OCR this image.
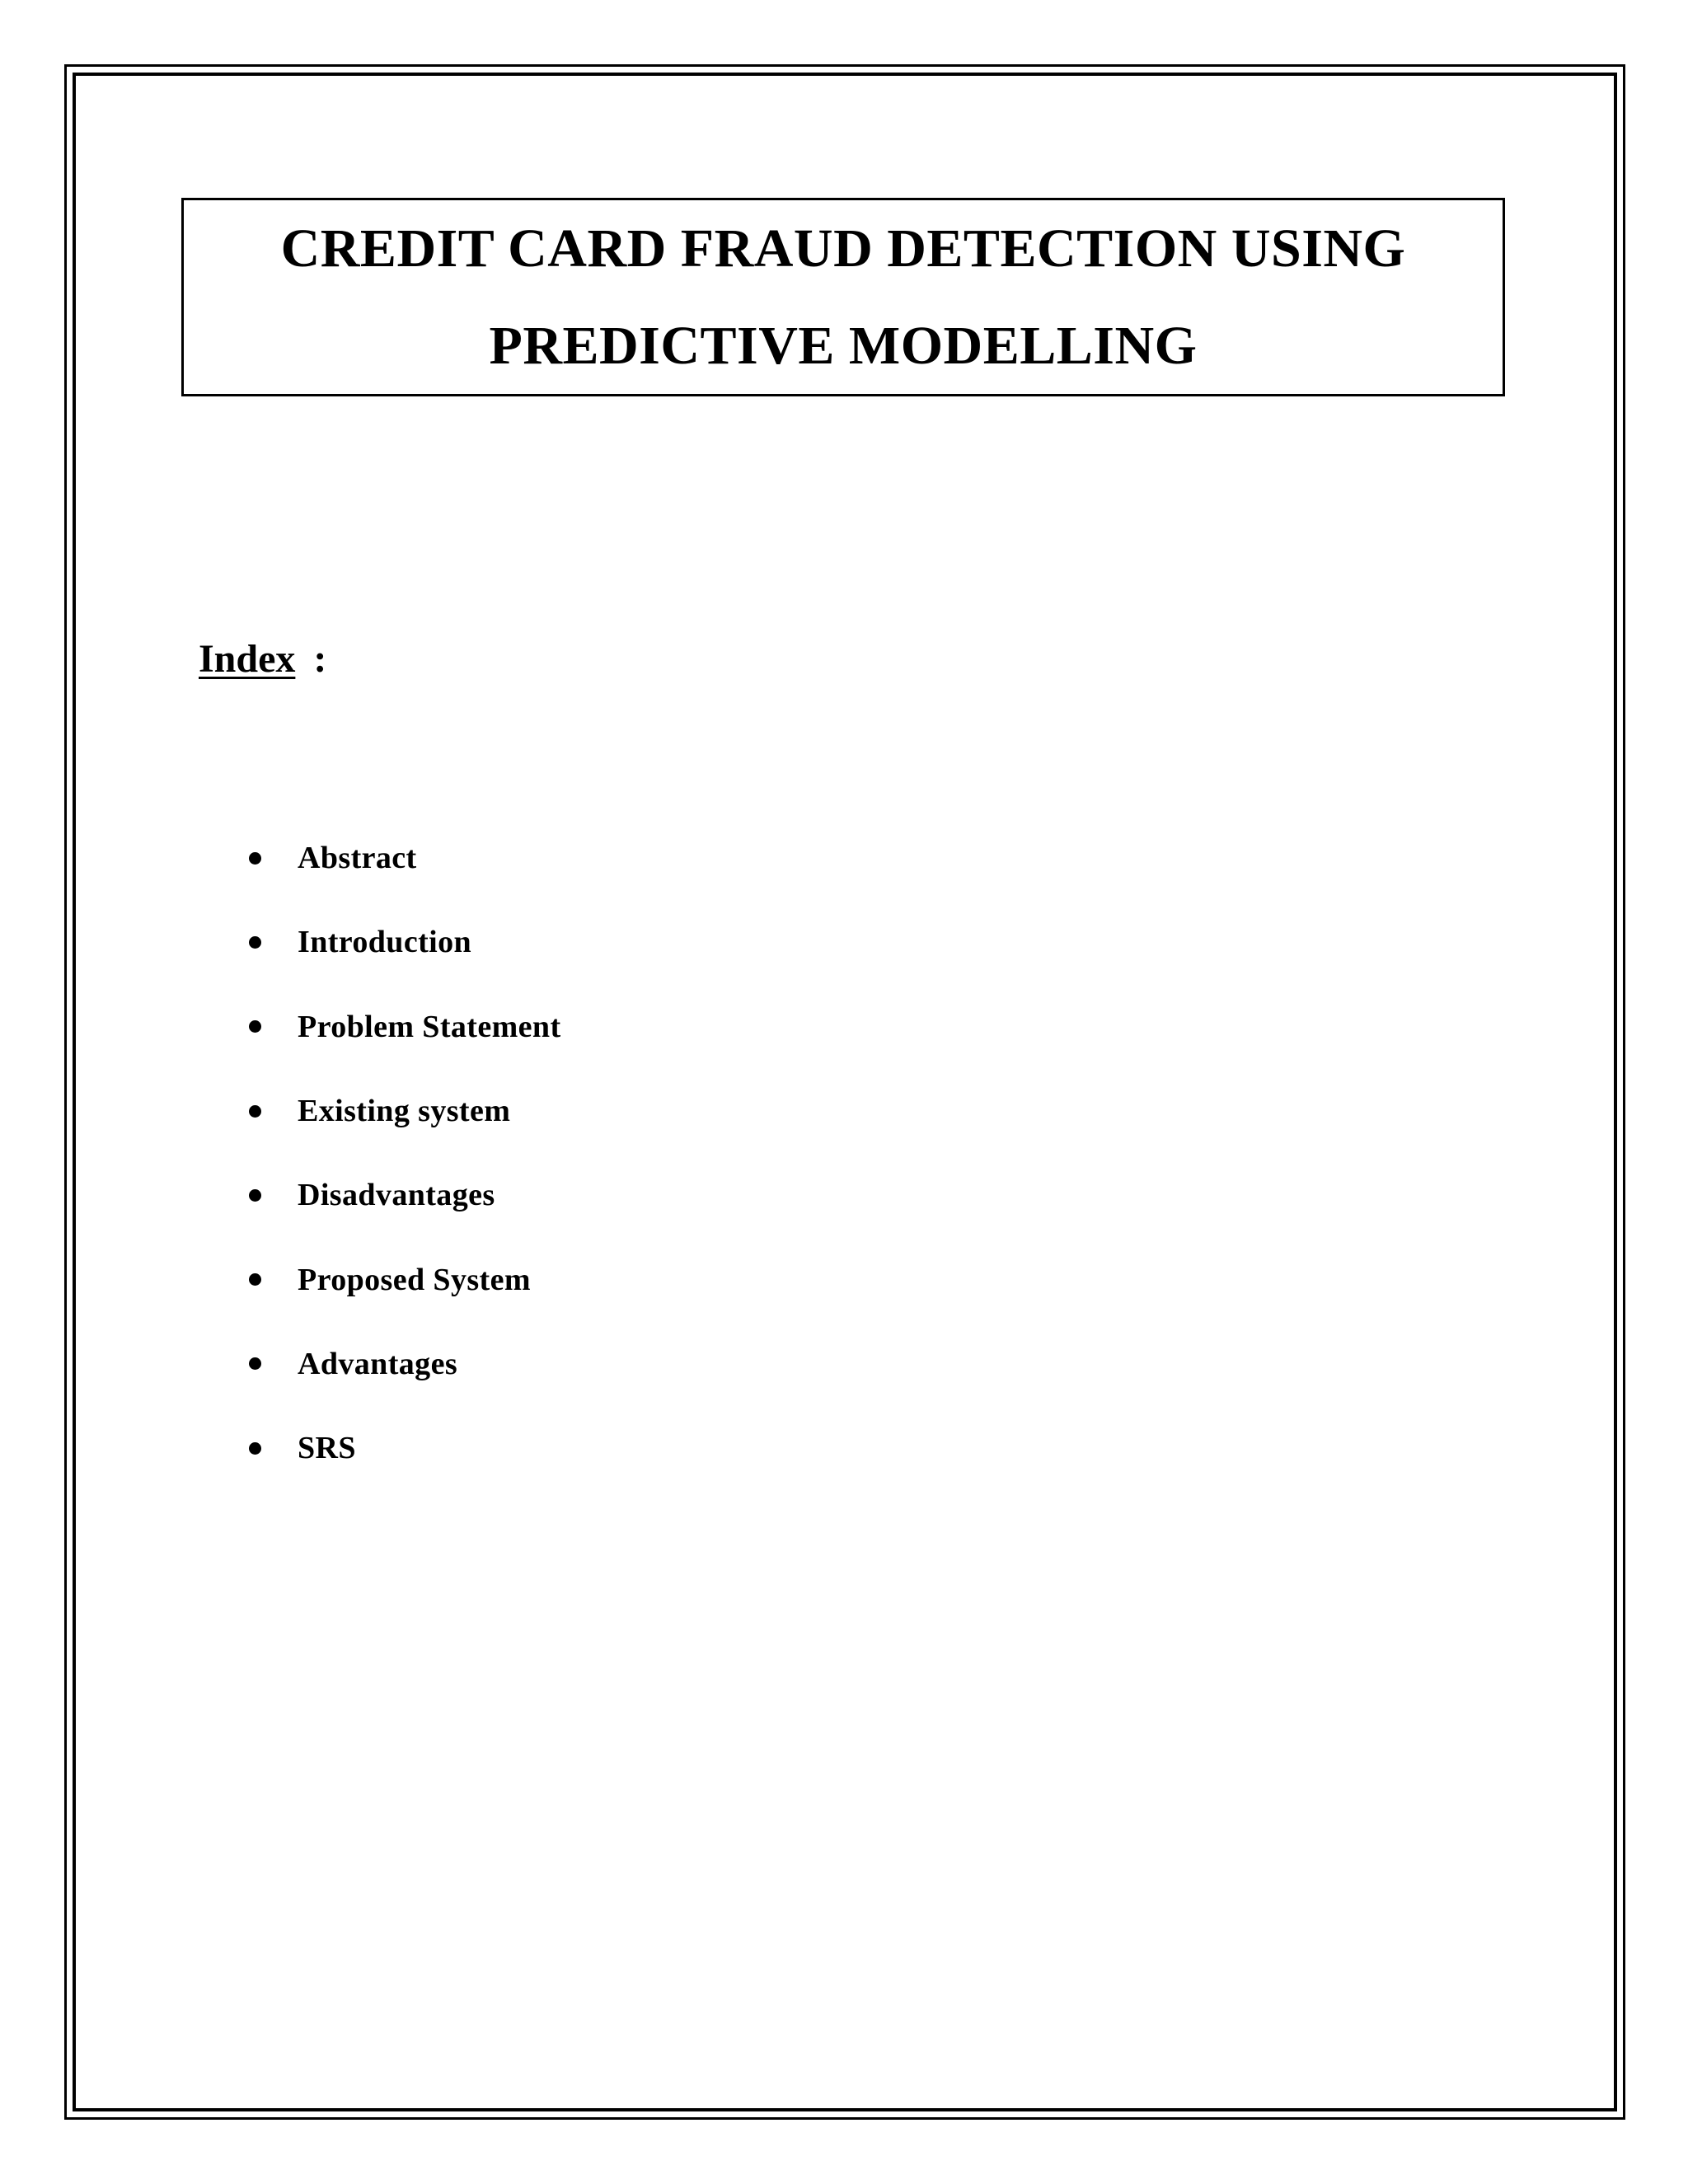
CREDIT CARD FRAUD DETECTION USING
PREDICTIVE MODELLING
Index :
Abstract
Introduction
Problem Statement
Existing system
Disadvantages
Proposed System
Advantages
SRS
